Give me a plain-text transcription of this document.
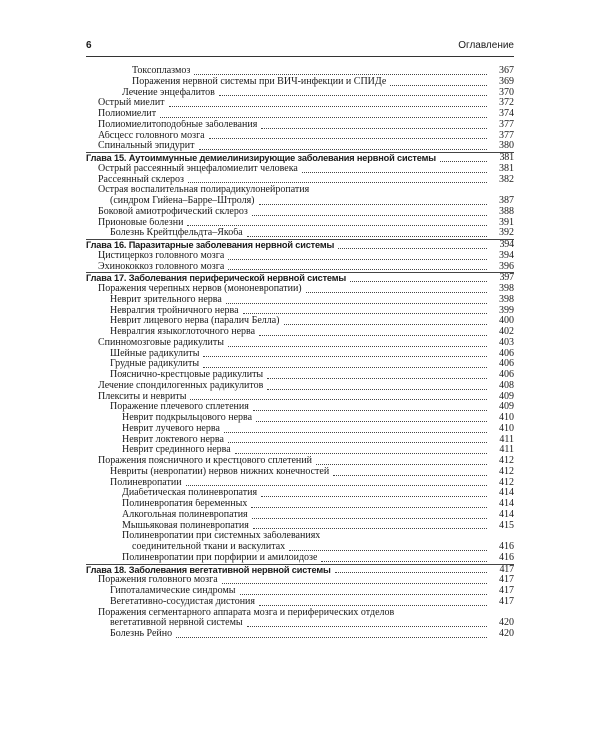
6	Оглавление
Токсоплазмоз	367
Поражения нервной системы при ВИЧ-инфекции и СПИДе	369
Лечение энцефалитов	370
Острый миелит	372
Полиомиелит	374
Полиомиелитоподобные заболевания	377
Абсцесс головного мозга	377
Спинальный эпидурит	380
Глава 15. Аутоиммунные демиелинизирующие заболевания нервной системы	381
Острый рассеянный энцефаломиелит человека	381
Рассеянный склероз	382
Острая воспалительная полирадикулонейропатия
(синдром Гийена–Барре–Штроля)	387
Боковой амиотрофический склероз	388
Прионовые болезни	391
Болезнь Крейтцфельдта–Якоба	392
Глава 16. Паразитарные заболевания нервной системы	394
Цистицеркоз головного мозга	394
Эхинококкоз головного мозга	396
Глава 17. Заболевания периферической нервной системы	397
Поражения черепных нервов (мононевропатии)	398
Неврит зрительного нерва	398
Невралгия тройничного нерва	399
Неврит лицевого нерва (паралич Белла)	400
Невралгия языкоглоточного нерва	402
Спинномозговые радикулиты	403
Шейные радикулиты	406
Грудные радикулиты	406
Пояснично-крестцовые радикулиты	406
Лечение спондилогенных радикулитов	408
Плекситы и невриты	409
Поражение плечевого сплетения	409
Неврит подкрыльцового нерва	410
Неврит лучевого нерва	410
Неврит локтевого нерва	411
Неврит срединного нерва	411
Поражения поясничного и крестцового сплетений	412
Невриты (невропатии) нервов нижних конечностей	412
Полиневропатии	412
Диабетическая полиневропатия	414
Полиневропатия беременных	414
Алкогольная полиневропатия	414
Мышьяковая полиневропатия	415
Полиневропатии при системных заболеваниях
соединительной ткани и васкулитах	416
Полиневропатии при порфирии и амилоидозе	416
Глава 18. Заболевания вегетативной нервной системы	417
Поражения головного мозга	417
Гипоталамические синдромы	417
Вегетативно-сосудистая дистония	417
Поражения сегментарного аппарата мозга и периферических отделов
вегетативной нервной системы	420
Болезнь Рейно	420
